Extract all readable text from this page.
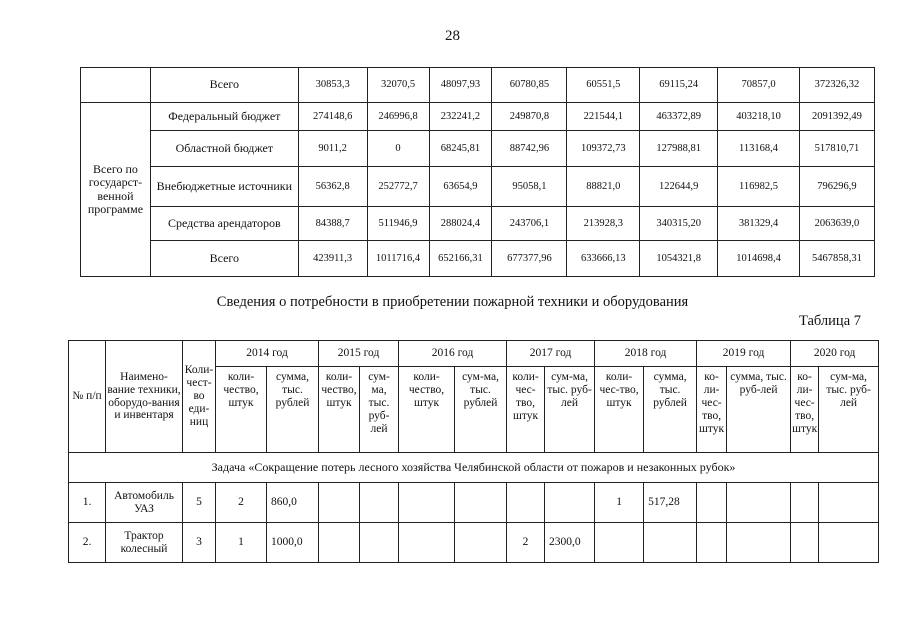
28
	Всего	30853,3	32070,5	48097,93	60780,85	60551,5	69115,24	70857,0	372326,32
Всего по государст-венной программе	Федеральный бюджет	274148,6	246996,8	232241,2	249870,8	221544,1	463372,89	403218,10	2091392,49
	Областной бюджет	9011,2	0	68245,81	88742,96	109372,73	127988,81	113168,4	517810,71
	Внебюджетные источники	56362,8	252772,7	63654,9	95058,1	88821,0	122644,9	116982,5	796296,9
	Средства арендаторов	84388,7	511946,9	288024,4	243706,1	213928,3	340315,20	381329,4	2063639,0
	Всего	423911,3	1011716,4	652166,31	677377,96	633666,13	1054321,8	1014698,4	5467858,31
Сведения о потребности в приобретении пожарной техники и оборудования
Таблица 7
№ п/п	Наимено-вание техники, оборудо-вания и инвентаря	Коли-чест-во еди-ниц	2014 год		2015 год		2016 год		2017 год		2018 год		2019 год		2020 год	
			коли-чество, штук	сумма, тыс. рублей	коли-чество, штук	сум-ма, тыс. руб-лей	коли-чество, штук	сум-ма, тыс. рублей	коли-чес-тво, штук	сум-ма, тыс. руб-лей	коли-чес-тво, штук	сумма, тыс. рублей	ко-ли-чес-тво, штук	сумма, тыс. руб-лей	ко-ли-чес-тво, штук	сум-ма, тыс. руб-лей
Задача «Сокращение потерь лесного хозяйства Челябинской области от пожаров и незаконных рубок»																
1.	Автомобиль УАЗ	5	2	860,0							1	517,28				
2.	Трактор колесный	3	1	1000,0					2	2300,0						
